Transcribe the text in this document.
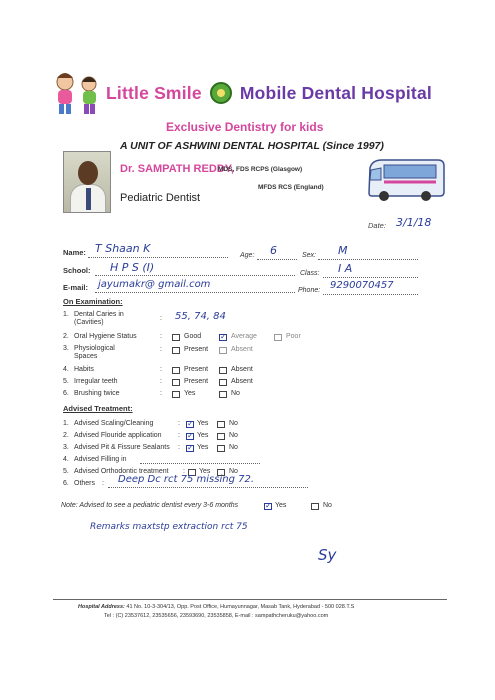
Little Smile Mobile Dental Hospital
Exclusive Dentistry for kids
A UNIT OF ASHWINI DENTAL HOSPITAL (Since 1997)
Dr. SAMPATH REDDY,
MDS, FDS RCPS (Glasgow)
MFDS RCS (England)
Pediatric Dentist
Date: 3/1/18
Name: T Shaan K
Age: 6	Sex: M
School: H P S (I)	Class: I A
E-mail: jayumakr@ gmail.com
Phone: 9290070457
On Examination:
1. Dental Caries in
(Cavities)
: 55, 74, 84
2. Oral Hygiene Status	:	Good ✓	Average	Poor
3. Physiological
Spaces
:	Present	Absent
4. Habits	:	Present	Absent
5. Irregular teeth	:	Present	Absent
6. Brushing twice	:	Yes	No
Advised Treatment:
1. Advised Scaling/Cleaning	: ✓ Yes	No
2. Advised Flouride application : ✓ Yes	No
3. Advised Pit & Fissure Sealants : ✓ Yes	No
4. Advised Filling in
5. Advised Orthodontic treatment : Yes	No
6. Others : Deep Dc rct 75 missing 72.
Note: Advised to see a pediatric dentist every 3-6 months ✓	Yes	No
Remarks maxtstp extraction rct 75
Sy
Hospital Address: 41 No. 10-3-304/13, Opp. Post Office, Humayunnagar, Masab Tank, Hyderabad - 500 028.T.S
Tel : (C) 23537612, 23535656, 23593690, 23535858, E-mail : sampathcheruku@yahoo.com
